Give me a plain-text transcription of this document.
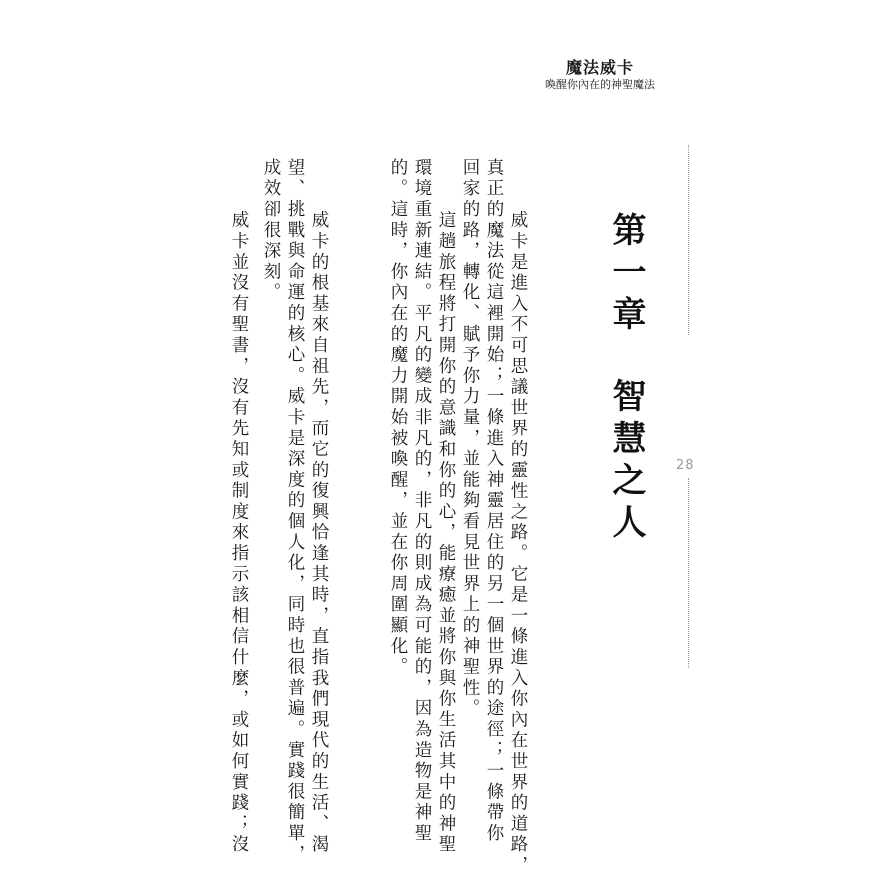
魔法威卡
喚醒你內在的神聖魔法
28
第一章智慧之人
　威卡是進入不可思議世界的靈性之路。它是一條進入你內在世界的道路，
真正的魔法從這裡開始；一條進入神靈居住的另一個世界的途徑；一條帶你
回家的路，轉化、賦予你力量，並能夠看見世界上的神聖性。
　這趟旅程將打開你的意識和你的心，能療癒並將你與你生活其中的神聖
環境重新連結。平凡的變成非凡的，非凡的則成為可能的，因為造物是神聖
的。這時，你內在的魔力開始被喚醒，並在你周圍顯化。
　威卡的根基來自祖先，而它的復興恰逢其時，直指我們現代的生活、渴
望、挑戰與命運的核心。威卡是深度的個人化，同時也很普遍。實踐很簡單，
成效卻很深刻。
　威卡並沒有聖書，沒有先知或制度來指示該相信什麼，或如何實踐；沒
